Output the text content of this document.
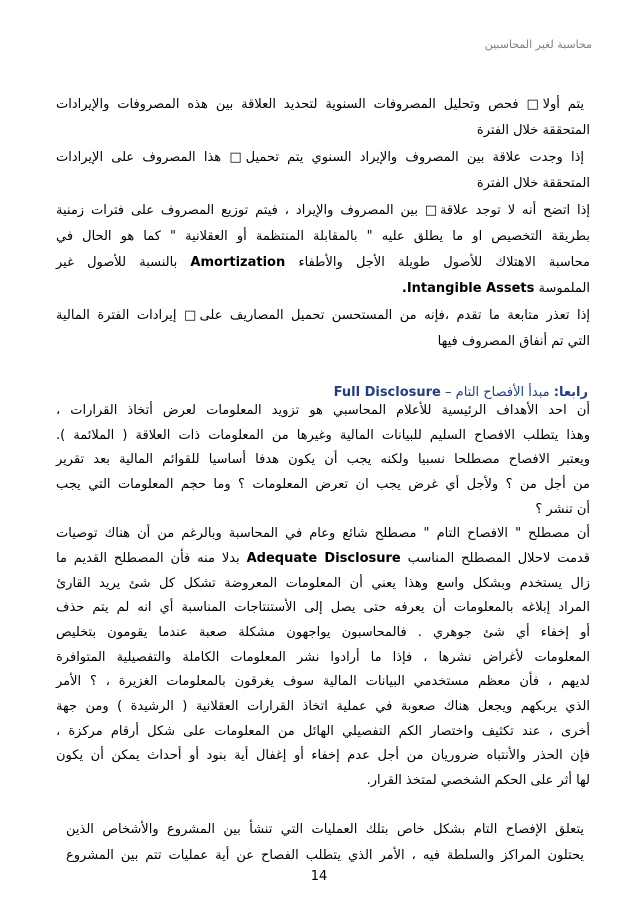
محاسبة لغير المحاسبين
يتم أولا□ فحص وتحليل المصروفات السنوية لتحديد العلاقة بين هذه المصروفات والإيرادات
المتحققة خلال الفترة
إذا وجدت علاقة بين المصروف والإيراد السنوي يتم تحميل□ هذا المصروف على الإيرادات
المتحققة خلال الفترة
إذا اتضح أنه لا توجد علاقة□ بين المصروف والإيراد ، فيتم توزيع المصروف على فترات زمنية
بطريقة التخصيص او ما يطلق عليه " بالمقابلة المنتظمة أو العقلانية " كما هو الحال في
محاسبة الاهتلاك للأصول طويلة الأجل والأطفاء Amortization بالنسبة للأصول غير
الملموسة Intangible Assets.
إذا تعذر متابعة ما تقدم ،فإنه من المستحسن تحميل المصاريف على□ إيرادات الفترة المالية
التي تم أنفاق المصروف فيها
رابعا: مبدأ الأفصاح التام – Full Disclosure
أن احد الأهداف الرئيسية للأعلام المحاسبي هو تزويد المعلومات لعرض أتخاذ القرارات ،
وهذا يتطلب الافصاح السليم للبيانات المالية وغيرها من المعلومات ذات العلاقة ( الملائمة ).
ويعتبر الافصاح مصطلحا نسبيا ولكنه يجب أن يكون هدفا أساسيا للقوائم المالية بعد تقرير
من أجل من ؟ ولأجل أي غرض يجب ان تعرض المعلومات ؟ وما حجم المعلومات التي يجب
أن تنشر ؟
أن مصطلح " الافصاح التام " مصطلح شائع وعام في المحاسبة وبالرغم من أن هناك توصيات
قدمت لاحلال المصطلح المناسب Adequate Disclosure بدلا منه فأن المصطلح القديم ما
زال يستخدم وبشكل واسع وهذا يعني أن المعلومات المعروضة تشكل كل شئ يريد القارئ
المراد إبلاغه بالمعلومات أن يعرفه حتى يصل إلى الأستنتاجات المناسبة أي انه لم يتم حذف
أو إخفاء أي شئ جوهري . فالمحاسبون يواجهون مشكلة صعبة عندما يقومون بتخليص
المعلومات لأغراض نشرها ، فإذا ما أرادوا نشر المعلومات الكاملة والتفصيلية المتوافرة
لديهم ، فأن معظم مستخدمي البيانات المالية سوف يغرقون بالمعلومات الغزيرة ، ؟ الأمر
الذي يربكهم ويجعل هناك صعوبة في عملية اتخاذ القرارات العقلانية ( الرشيدة ) ومن جهة
أخرى ، عند تكثيف واختصار الكم التفصيلي الهائل من المعلومات على شكل أرقام مركزة ،
فإن الحذر والأنتباه ضروريان من أجل عدم إخفاء أو إغفال أية بنود أو أحداث يمكن أن يكون
لها أثر على الحكم الشخصي لمتخذ القرار.
يتعلق الإفصاح التام بشكل خاص بتلك العمليات التي تنشأ بين المشروع والأشخاص الذين
يحتلون المراكز والسلطة فيه ، الأمر الذي يتطلب الفصاح عن أية عمليات تتم بين المشروع
14
